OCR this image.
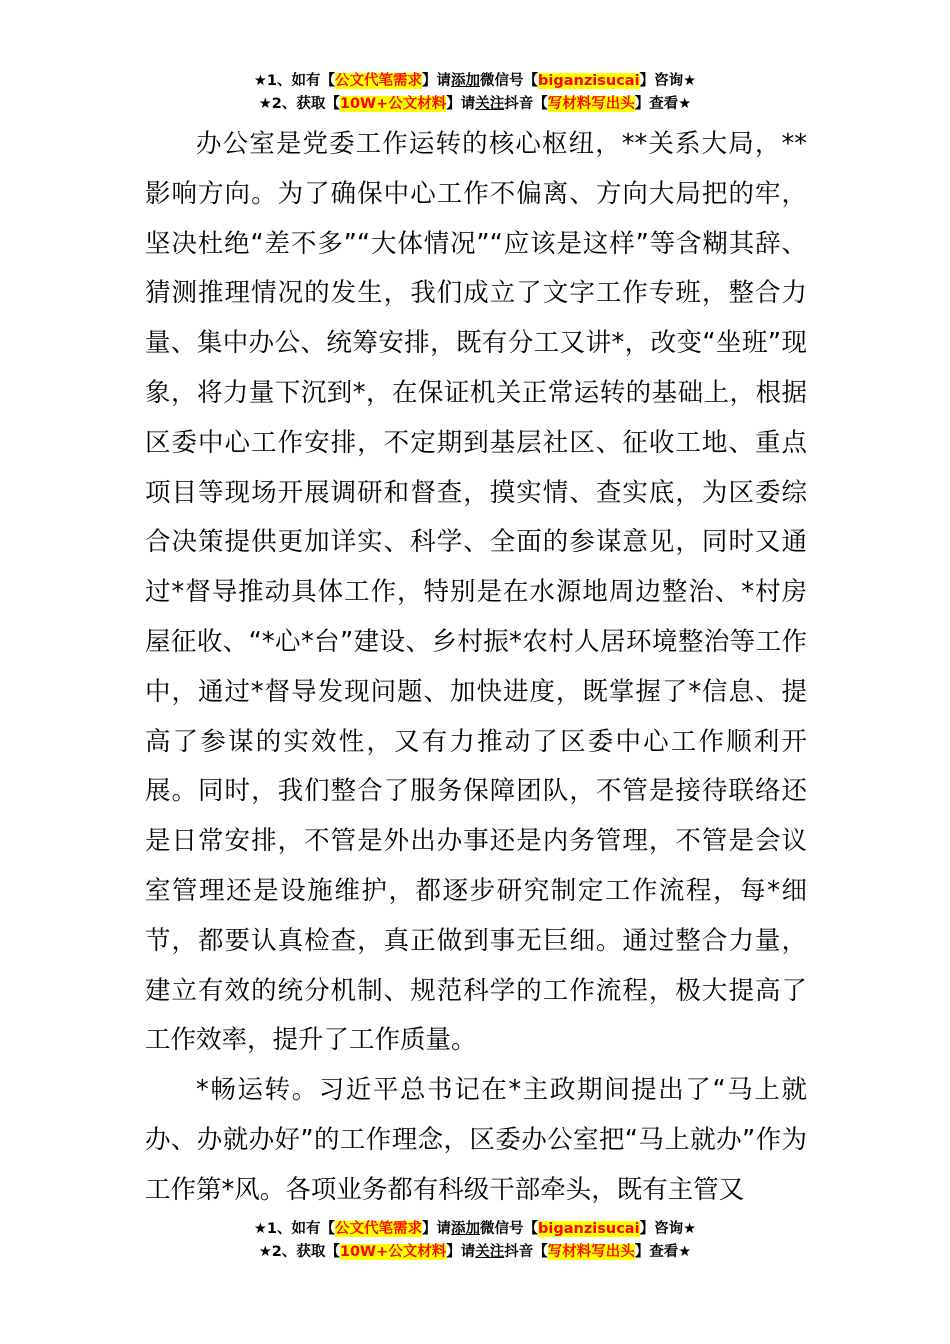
★1、如有【公文代笔需求】请添加微信号【biganzisucai】咨询★
★2、获取【10W+公文材料】请关注抖音【写材料写出头】查看★

办公室是党委工作运转的核心枢纽，**关系大局，**影响方向。为了确保中心工作不偏离、方向大局把的牢，坚决杜绝“差不多”“大体情况”“应该是这样”等含糊其辞、猜测推理情况的发生，我们成立了文字工作专班，整合力量、集中办公、统筹安排，既有分工又讲*，改变“坐班”现象，将力量下沉到*，在保证机关正常运转的基础上，根据区委中心工作安排，不定期到基层社区、征收工地、重点项目等现场开展调研和督查，摸实情、查实底，为区委综合决策提供更加详实、科学、全面的参谋意见，同时又通过*督导推动具体工作，特别是在水源地周边整治、*村房屋征收、“*心*台”建设、乡村振*农村人居环境整治等工作中，通过*督导发现问题、加快进度，既掌握了*信息、提高了参谋的实效性，又有力推动了区委中心工作顺利开展。同时，我们整合了服务保障团队，不管是接待联络还是日常安排，不管是外出办事还是内务管理，不管是会议室管理还是设施维护，都逐步研究制定工作流程，每*细节，都要认真检查，真正做到事无巨细。通过整合力量，建立有效的统分机制、规范科学的工作流程，极大提高了工作效率，提升了工作质量。

*畅运转。习近平总书记在*主政期间提出了“马上就办、办就办好”的工作理念，区委办公室把“马上就办”作为工作第*风。各项业务都有科级干部牵头，既有主管又

★1、如有【公文代笔需求】请添加微信号【biganzisucai】咨询★
★2、获取【10W+公文材料】请关注抖音【写材料写出头】查看★
